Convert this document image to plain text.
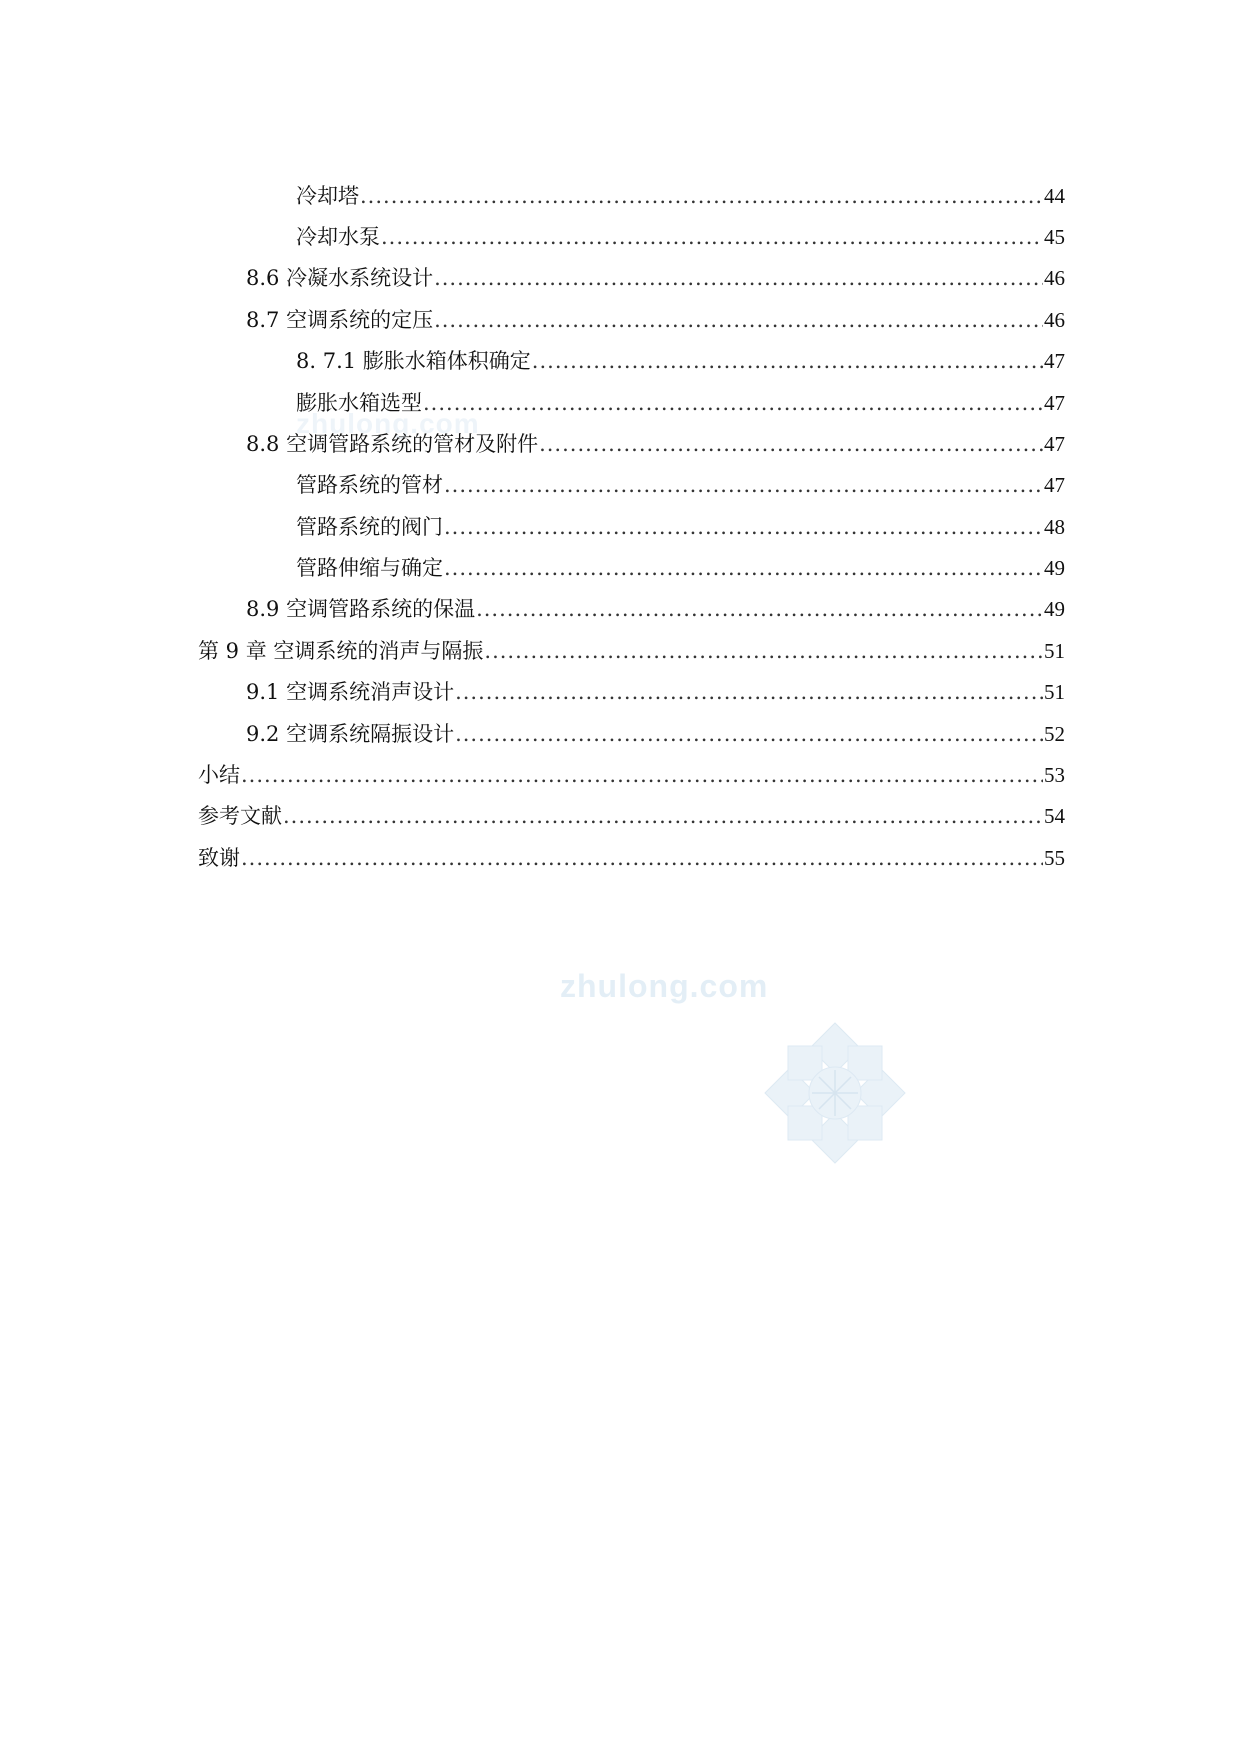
zhulong.com
冷却塔 .....	44
冷却水泵 .....	45
8.6 冷凝水系统设计 .....	46
8.7 空调系统的定压 .....	46
8. 7.1 膨胀水箱体积确定 .....	47
膨胀水箱选型 .....	47
8.8 空调管路系统的管材及附件 .....	47
管路系统的管材 .....	47
管路系统的阀门 .....	48
管路伸缩与确定 .....	49
8.9 空调管路系统的保温 .....	49
第 9 章 空调系统的消声与隔振 .....	51
9.1 空调系统消声设计 .....	51
9.2 空调系统隔振设计 .....	52
小结 .....	53
参考文献 .....	54
致谢 .....	55
zhulong.com
